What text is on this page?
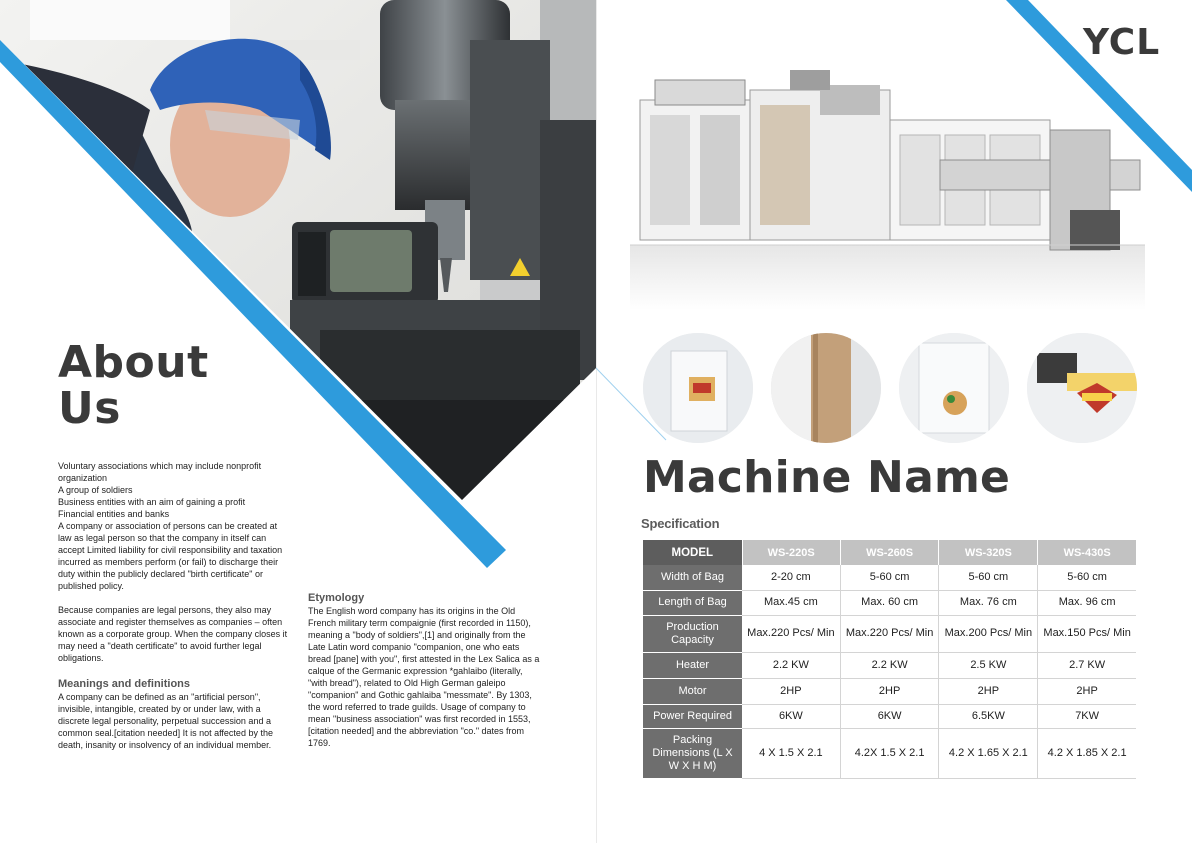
About
Us

Voluntary associations which may include nonprofit organization

A group of soldiers

Business entities with an aim of gaining a profit

Financial entities and banks

A company or association of persons can be created at law as legal person so that the company in itself can accept Limited liability for civil responsibility and taxation incurred as members perform (or fail) to discharge their duty within the publicly declared "birth certificate" or published policy.

Because companies are legal persons, they also may associate and register themselves as companies – often known as a corporate group. When the company closes it may need a "death certificate" to avoid further legal obligations.

Meanings and definitions

A company can be defined as an "artificial person", invisible, intangible, created by or under law, with a discrete legal personality, perpetual succession and a common seal.[citation needed] It is not affected by the death, insanity or insolvency of an individual member.

Etymology

The English word company has its origins in the Old French military term compaignie (first recorded in 1150), meaning a "body of soldiers",[1] and originally from the Late Latin word companio "companion, one who eats bread [pane] with you", first attested in the Lex Salica as a calque of the Germanic expression *gahlaibo (literally, "with bread"), related to Old High German galeipo "companion" and Gothic gahlaiba "messmate". By 1303, the word referred to trade guilds. Usage of company to mean "business association" was first recorded in 1553,[citation needed] and the abbreviation "co." dates from 1769.

YCL
Machine Name
Specification
MODEL	WS-220S	WS-260S	WS-320S	WS-430S
Width of Bag	2-20 cm	5-60 cm	5-60 cm	5-60 cm
Length of Bag	Max.45 cm	Max. 60 cm	Max. 76 cm	Max. 96 cm
Production Capacity	Max.220 Pcs/ Min	Max.220 Pcs/ Min	Max.200 Pcs/ Min	Max.150 Pcs/ Min
Heater	2.2 KW	2.2 KW	2.5 KW	2.7 KW
Motor	2HP	2HP	2HP	2HP
Power Required	6KW	6KW	6.5KW	7KW
Packing Dimensions (L X W X H M)	4 X 1.5 X 2.1	4.2X 1.5 X 2.1	4.2 X 1.65 X 2.1	4.2 X 1.85 X 2.1
